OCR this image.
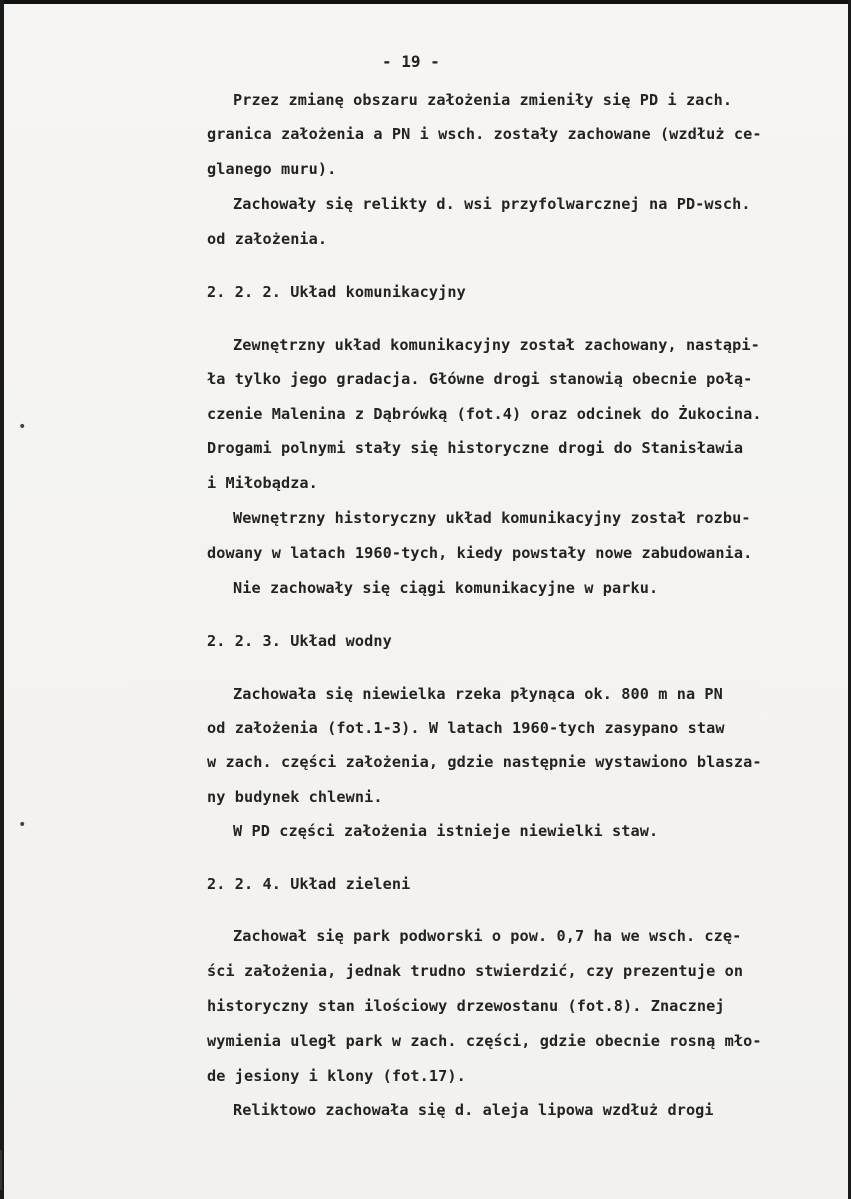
•
•
- 19 -
Przez zmianę obszaru założenia zmieniły się PD i zach.
granica założenia a PN i wsch. zostały zachowane (wzdłuż ce-
glanego muru).
Zachowały się relikty d. wsi przyfolwarcznej na PD-wsch.
od założenia.
2. 2. 2. Układ komunikacyjny
Zewnętrzny układ komunikacyjny został zachowany, nastąpi-
ła tylko jego gradacja. Główne drogi stanowią obecnie połą-
czenie Malenina z Dąbrówką (fot.4) oraz odcinek do Żukocina.
Drogami polnymi stały się historyczne drogi do Stanisławia
i Miłobądza.
Wewnętrzny historyczny układ komunikacyjny został rozbu-
dowany w latach 1960-tych, kiedy powstały nowe zabudowania.
Nie zachowały się ciągi komunikacyjne w parku.
2. 2. 3. Układ wodny
Zachowała się niewielka rzeka płynąca ok. 800 m na PN
od założenia (fot.1-3). W latach 1960-tych zasypano staw
w zach. części założenia, gdzie następnie wystawiono blasza-
ny budynek chlewni.
W PD części założenia istnieje niewielki staw.
2. 2. 4. Układ zieleni
Zachował się park podworski o pow. 0,7 ha we wsch. czę-
ści założenia, jednak trudno stwierdzić, czy prezentuje on
historyczny stan ilościowy drzewostanu (fot.8). Znacznej
wymienia uległ park w zach. części, gdzie obecnie rosną mło-
de jesiony i klony (fot.17).
Reliktowo zachowała się d. aleja lipowa wzdłuż drogi
